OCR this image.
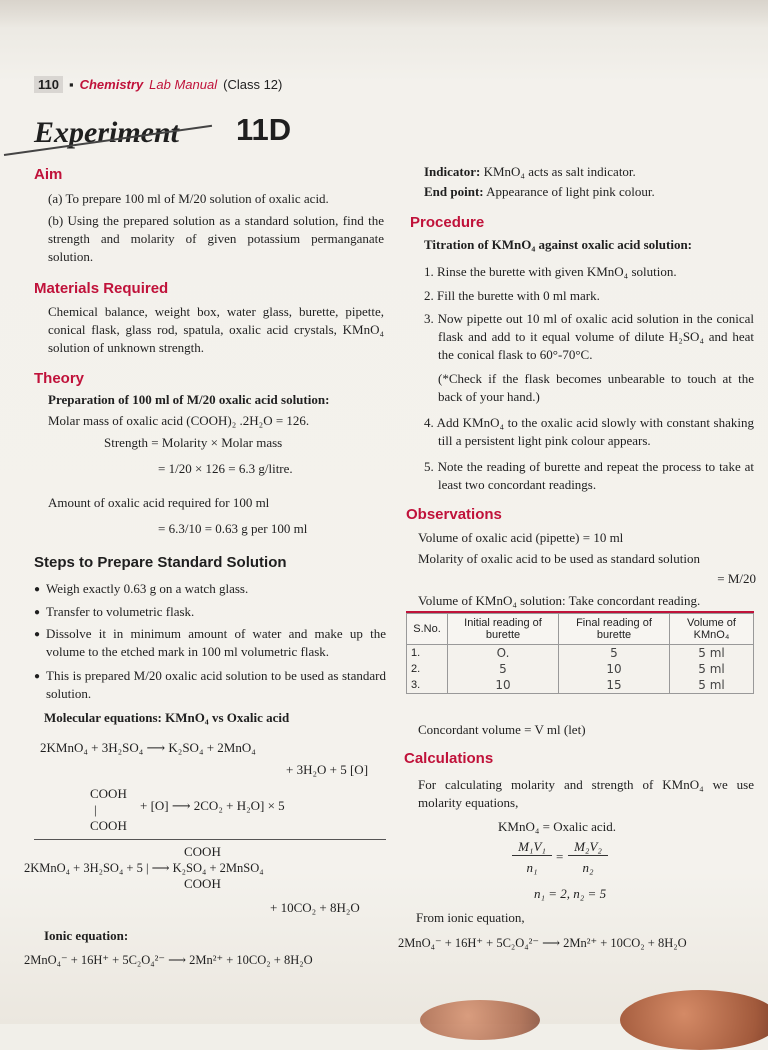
110 ▪ Chemistry Lab Manual (Class 12)
Experiment 11D
Aim
(a) To prepare 100 ml of M/20 solution of oxalic acid.
(b) Using the prepared solution as a standard solution, find the strength and molarity of given potassium permanganate solution.
Materials Required
Chemical balance, weight box, water glass, burette, pipette, conical flask, glass rod, spatula, oxalic acid crystals, KMnO₄ solution of unknown strength.
Theory
Preparation of 100 ml of M/20 oxalic acid solution:
Molar mass of oxalic acid (COOH)₂ .2H₂O = 126.
Strength = Molarity × Molar mass
= 1/20 × 126 = 6.3 g/litre.
Amount of oxalic acid required for 100 ml
= 6.3/10 = 0.63 g per 100 ml
Steps to Prepare Standard Solution
● Weigh exactly 0.63 g on a watch glass.
● Transfer to volumetric flask.
● Dissolve it in minimum amount of water and make up the volume to the etched mark in 100 ml volumetric flask.
● This is prepared M/20 oxalic acid solution to be used as standard solution.
Molecular equations: KMnO₄ vs Oxalic acid
2KMnO₄ + 3H₂SO₄ ⟶ K₂SO₄ + 2MnO₄
+ 3H₂O + 5 [O]
COOH
|	+ [O] ⟶ 2CO₂ + H₂O] × 5
COOH
COOH
2KMnO₄ + 3H₂SO₄ + 5 | ⟶ K₂SO₄ + 2MnSO₄
COOH
+ 10CO₂ + 8H₂O
Ionic equation:
2MnO₄⁻ + 16H⁺ + 5C₂O₄²⁻ ⟶ 2Mn²⁺ + 10CO₂ + 8H₂O
Indicator: KMnO₄ acts as salt indicator.
End point: Appearance of light pink colour.
Procedure
Titration of KMnO₄ against oxalic acid solution:
1. Rinse the burette with given KMnO₄ solution.
2. Fill the burette with 0 ml mark.
3. Now pipette out 10 ml of oxalic acid solution in the conical flask and add to it equal volume of dilute H₂SO₄ and heat the conical flask to 60°-70°C.
(*Check if the flask becomes unbearable to touch at the back of your hand.)
4. Add KMnO₄ to the oxalic acid slowly with constant shaking till a persistent light pink colour appears.
5. Note the reading of burette and repeat the process to take at least two concordant readings.
Observations
Volume of oxalic acid (pipette) = 10 ml
Molarity of oxalic acid to be used as standard solution
= M/20
Volume of KMnO₄ solution: Take concordant reading.
S.No.	Initial reading of burette	Final reading of burette	Volume of KMnO₄
1.	O.	5	5 ml
2.	5	10	5 ml
3.	10	15	5 ml
Concordant volume = V ml (let)
Calculations
For calculating molarity and strength of KMnO₄ we use molarity equations,
KMnO₄ = Oxalic acid.
M₁V₁
n₁
=
M₂V₂
n₂
n₁ = 2, n₂ = 5
From ionic equation,
2MnO₄⁻ + 16H⁺ + 5C₂O₄²⁻ ⟶ 2Mn²⁺ + 10CO₂ + 8H₂O
